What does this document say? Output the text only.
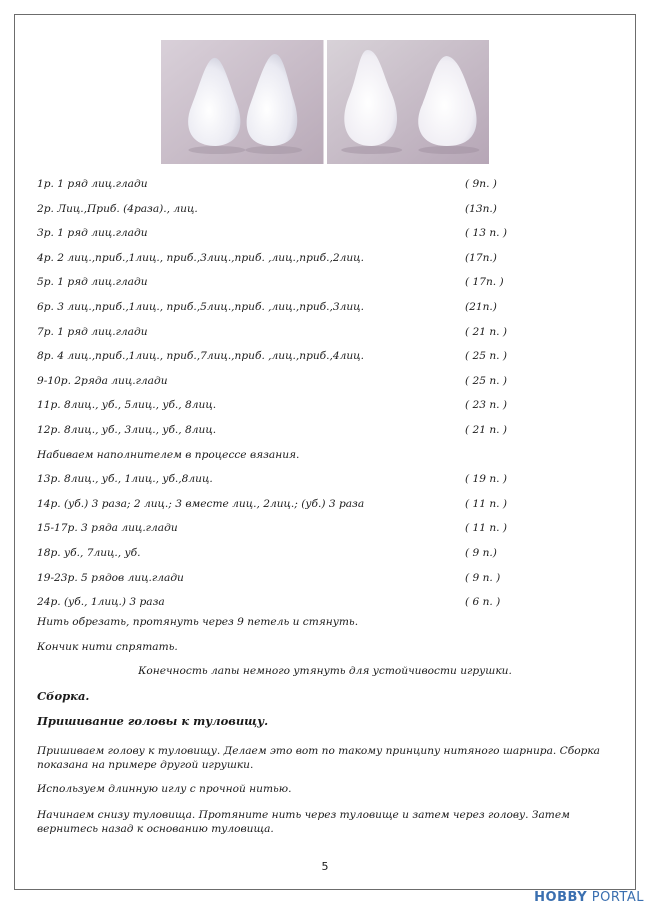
1р. 1 ряд лиц.глади	( 9п. )
2р. Лиц.,Приб. (4раза)., лиц.	(13п.)
3р. 1 ряд лиц.глади	( 13 п. )
4р. 2 лиц.,приб.,1лиц., приб.,3лиц.,приб. ,лиц.,приб.,2лиц.	(17п.)
5р. 1 ряд лиц.глади	( 17п. )
6р. 3 лиц.,приб.,1лиц., приб.,5лиц.,приб. ,лиц.,приб.,3лиц.	(21п.)
7р. 1 ряд лиц.глади	( 21 п. )
8р. 4 лиц.,приб.,1лиц., приб.,7лиц.,приб. ,лиц.,приб.,4лиц.	( 25 п. )
9-10р. 2ряда лиц.глади	( 25 п. )
11р. 8лиц., уб., 5лиц., уб., 8лиц.	( 23 п. )
12р. 8лиц., уб., 3лиц., уб., 8лиц.	( 21 п. )
Набиваем наполнителем в процессе вязания.
13р. 8лиц., уб., 1лиц., уб.,8лиц.	( 19 п. )
14р. (уб.) 3 раза; 2 лиц.; 3 вместе лиц., 2лиц.; (уб.) 3 раза	( 11 п. )
15-17р. 3 ряда лиц.глади	( 11 п. )
18р. уб., 7лиц., уб.	( 9 п.)
19-23р. 5 рядов лиц.глади	( 9 п. )
24р. (уб., 1лиц.) 3 раза	( 6 п. )
Нить обрезать, протянуть через 9 петель и стянуть.
Кончик нити спрятать.
Конечность лапы немного утянуть для устойчивости игрушки.
Сборка.
Пришивание головы к туловищу.
Пришиваем голову к туловищу. Делаем это вот по такому принципу нитяного шарнира. Сборка показана на примере другой игрушки.
Используем длинную иглу с прочной нитью.
Начинаем снизу туловища. Протяните нить через туловище и затем через голову. Затем вернитесь назад к основанию туловища.
5
HOBBY PORTAL
